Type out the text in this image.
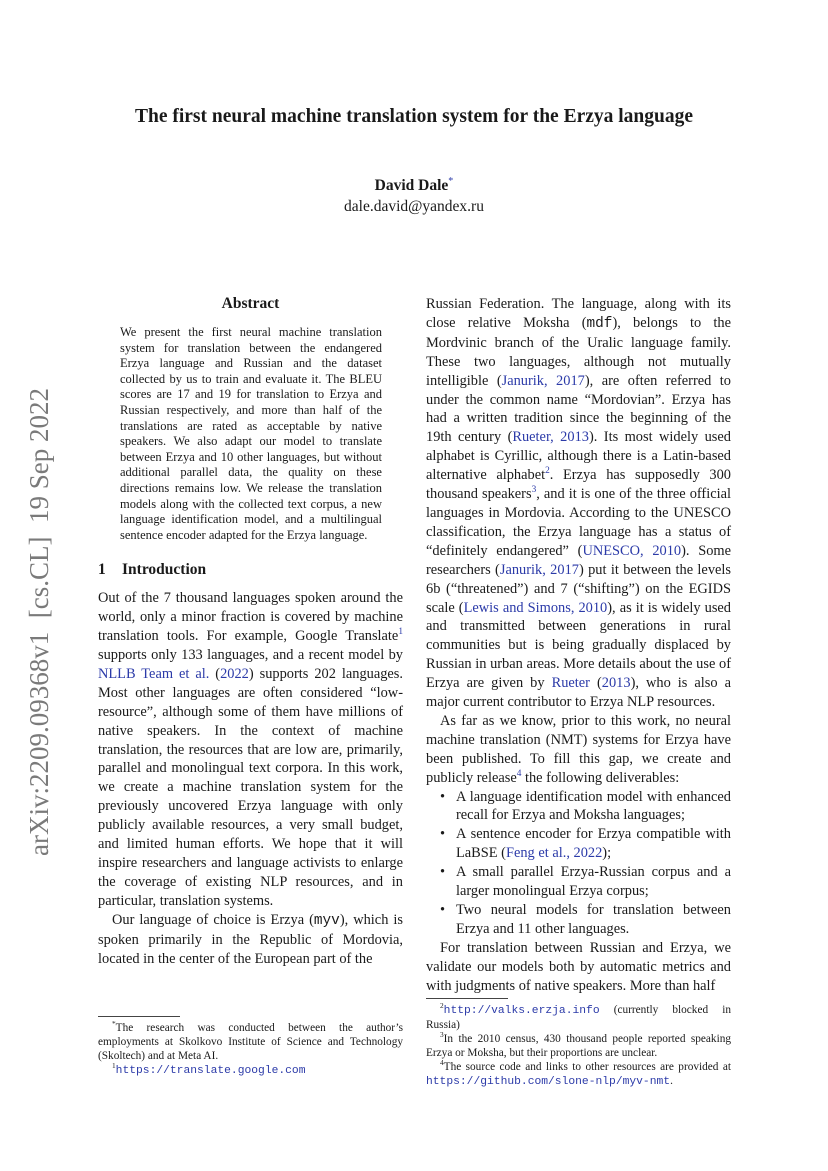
arXiv:2209.09368v1  [cs.CL]  19 Sep 2022
The first neural machine translation system for the Erzya language
David Dale*
dale.david@yandex.ru
Abstract

We present the first neural machine translation system for translation between the endangered Erzya language and Russian and the dataset collected by us to train and evaluate it. The BLEU scores are 17 and 19 for translation to Erzya and Russian respectively, and more than half of the translations are rated as acceptable by native speakers. We also adapt our model to translate between Erzya and 10 other languages, but without additional parallel data, the quality on these directions remains low. We release the translation models along with the collected text corpus, a new language identification model, and a multilingual sentence encoder adapted for the Erzya language.

1 Introduction

Out of the 7 thousand languages spoken around the world, only a minor fraction is covered by machine translation tools. For example, Google Translate$^1$ supports only 133 languages, and a recent model by NLLB Team et al. (2022) supports 202 languages. Most other languages are often considered “low-resource”, although some of them have millions of native speakers. In the context of machine translation, the resources that are low are, primarily, parallel and monolingual text corpora. In this work, we create a machine translation system for the previously uncovered Erzya language with only publicly available resources, a very small budget, and limited human efforts. We hope that it will inspire researchers and language activists to enlarge the coverage of existing NLP resources, and in particular, translation systems.

Our language of choice is Erzya (myv), which is spoken primarily in the Republic of Mordovia, located in the center of the European part of the

Russian Federation. The language, along with its close relative Moksha (mdf), belongs to the Mordvinic branch of the Uralic language family. These two languages, although not mutually intelligible (Janurik, 2017), are often referred to under the common name “Mordovian”. Erzya has had a written tradition since the beginning of the 19th century (Rueter, 2013). Its most widely used alphabet is Cyrillic, although there is a Latin-based alternative alphabet$^2$. Erzya has supposedly 300 thousand speakers$^3$, and it is one of the three official languages in Mordovia. According to the UNESCO classification, the Erzya language has a status of “definitely endangered” (UNESCO, 2010). Some researchers (Janurik, 2017) put it between the levels 6b (“threatened”) and 7 (“shifting”) on the EGIDS scale (Lewis and Simons, 2010), as it is widely used and transmitted between generations in rural communities but is being gradually displaced by Russian in urban areas. More details about the use of Erzya are given by Rueter (2013), who is also a major current contributor to Erzya NLP resources.

As far as we know, prior to this work, no neural machine translation (NMT) systems for Erzya have been published. To fill this gap, we create and publicly release$^4$ the following deliverables:

• A language identification model with enhanced recall for Erzya and Moksha languages;
• A sentence encoder for Erzya compatible with LaBSE (Feng et al., 2022);
• A small parallel Erzya-Russian corpus and a larger monolingual Erzya corpus;
• Two neural models for translation between Erzya and 11 other languages.

For translation between Russian and Erzya, we validate our models both by automatic metrics and with judgments of native speakers. More than half

*The research was conducted between the author’s employments at Skolkovo Institute of Science and Technology (Skoltech) and at Meta AI.

$^1$https://translate.google.com

$^2$http://valks.erzja.info (currently blocked in Russia)

$^3$In the 2010 census, 430 thousand people reported speaking Erzya or Moksha, but their proportions are unclear.

$^4$The source code and links to other resources are provided at https://github.com/slone-nlp/myv-nmt.
